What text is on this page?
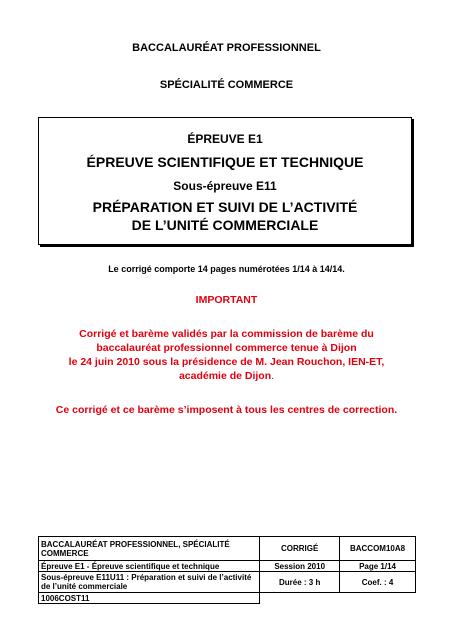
BACCALAURÉAT PROFESSIONNEL
SPÉCIALITÉ COMMERCE
ÉPREUVE E1
ÉPREUVE SCIENTIFIQUE ET TECHNIQUE
Sous-épreuve E11
PRÉPARATION ET SUIVI DE L’ACTIVITÉ
DE L’UNITÉ COMMERCIALE
Le corrigé comporte 14 pages numérotées 1/14 à 14/14.
IMPORTANT
Corrigé et barème validés par la commission de barème du
baccalauréat professionnel commerce tenue à Dijon
le 24 juin 2010 sous la présidence de M. Jean Rouchon, IEN-ET,
académie de Dijon.
Ce corrigé et ce barème s’imposent à tous les centres de correction.
BACCALAURÉAT PROFESSIONNEL, SPÉCIALITÉ COMMERCE	CORRIGÉ	BACCOM10A8
Épreuve E1 - Épreuve scientifique et technique	Session 2010	Page 1/14
Sous-épreuve E11U11 : Préparation et suivi de l’activité de l’unité commerciale	Durée : 3 h	Coef. : 4
1006COST11		
